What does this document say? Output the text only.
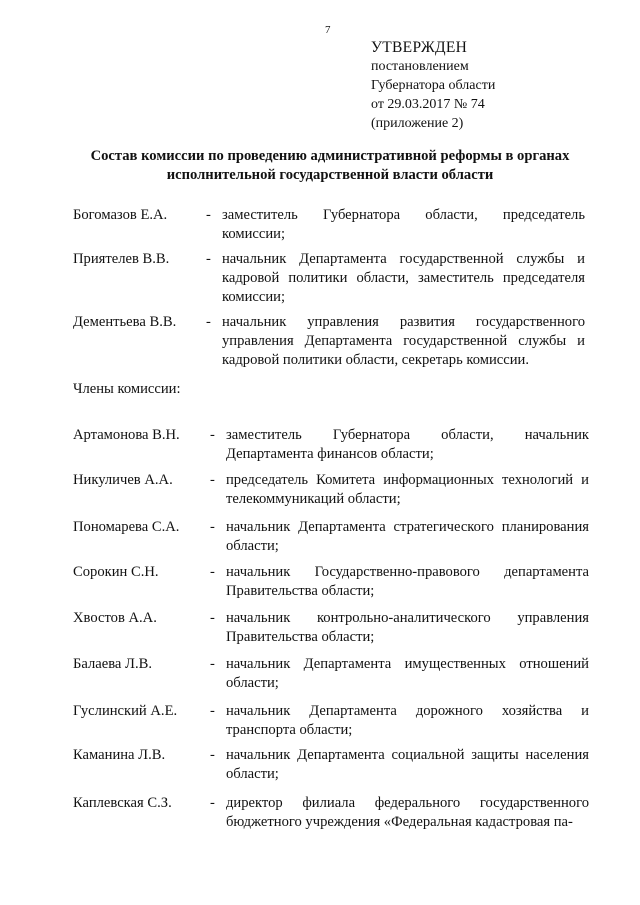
7
УТВЕРЖДЕН
постановлением
Губернатора области
от 29.03.2017 № 74
(приложение 2)
Состав комиссии по проведению административной реформы в органах исполнительной государственной власти области
Богомазов Е.А.	- заместитель Губернатора области, председатель комиссии;
Приятелев В.В.	- начальник Департамента государственной службы и кадровой политики области, заместитель председателя комиссии;
Дементьева В.В. - начальник управления развития государственного управления Департамента государственной службы и кадровой политики области, секретарь комиссии.
Члены комиссии:
Артамонова В.Н. - заместитель Губернатора области, начальник Департамента финансов области;
Никуличев А.А.	- председатель Комитета информационных технологий и телекоммуникаций области;
Пономарева С.А. - начальник Департамента стратегического планирования области;
Сорокин С.Н.	- начальник Государственно-правового департамента Правительства области;
Хвостов А.А.	- начальник контрольно-аналитического управления Правительства области;
Балаева Л.В.	- начальник Департамента имущественных отношений области;
Гуслинский А.Е. - начальник Департамента дорожного хозяйства и транспорта области;
Каманина Л.В.	- начальник Департамента социальной защиты населения области;
Каплевская С.З.	- директор филиала федерального государственного бюджетного учреждения «Федеральная кадастровая па-
